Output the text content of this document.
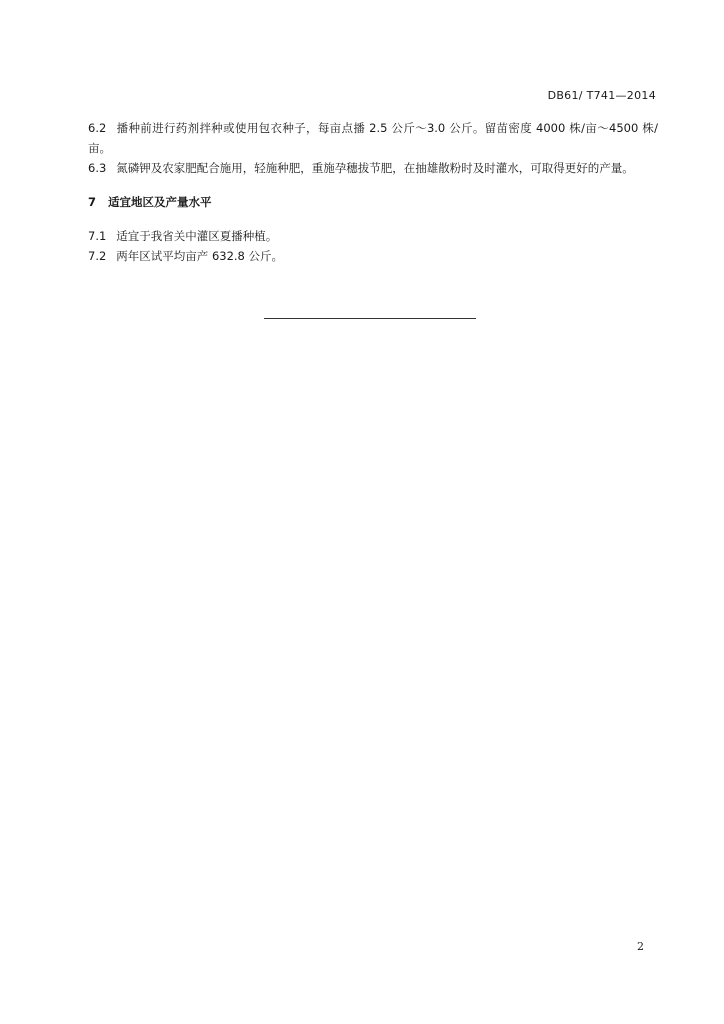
DB61/ T741—2014

6.2 播种前进行药剂拌种或使用包衣种子，每亩点播 2.5 公斤～3.0 公斤。留苗密度 4000 株/亩～4500 株/亩。

6.3 氮磷钾及农家肥配合施用，轻施种肥，重施孕穗拔节肥，在抽雄散粉时及时灌水，可取得更好的产量。

7 适宜地区及产量水平

7.1 适宜于我省关中灌区夏播种植。

7.2 两年区试平均亩产 632.8 公斤。

2
